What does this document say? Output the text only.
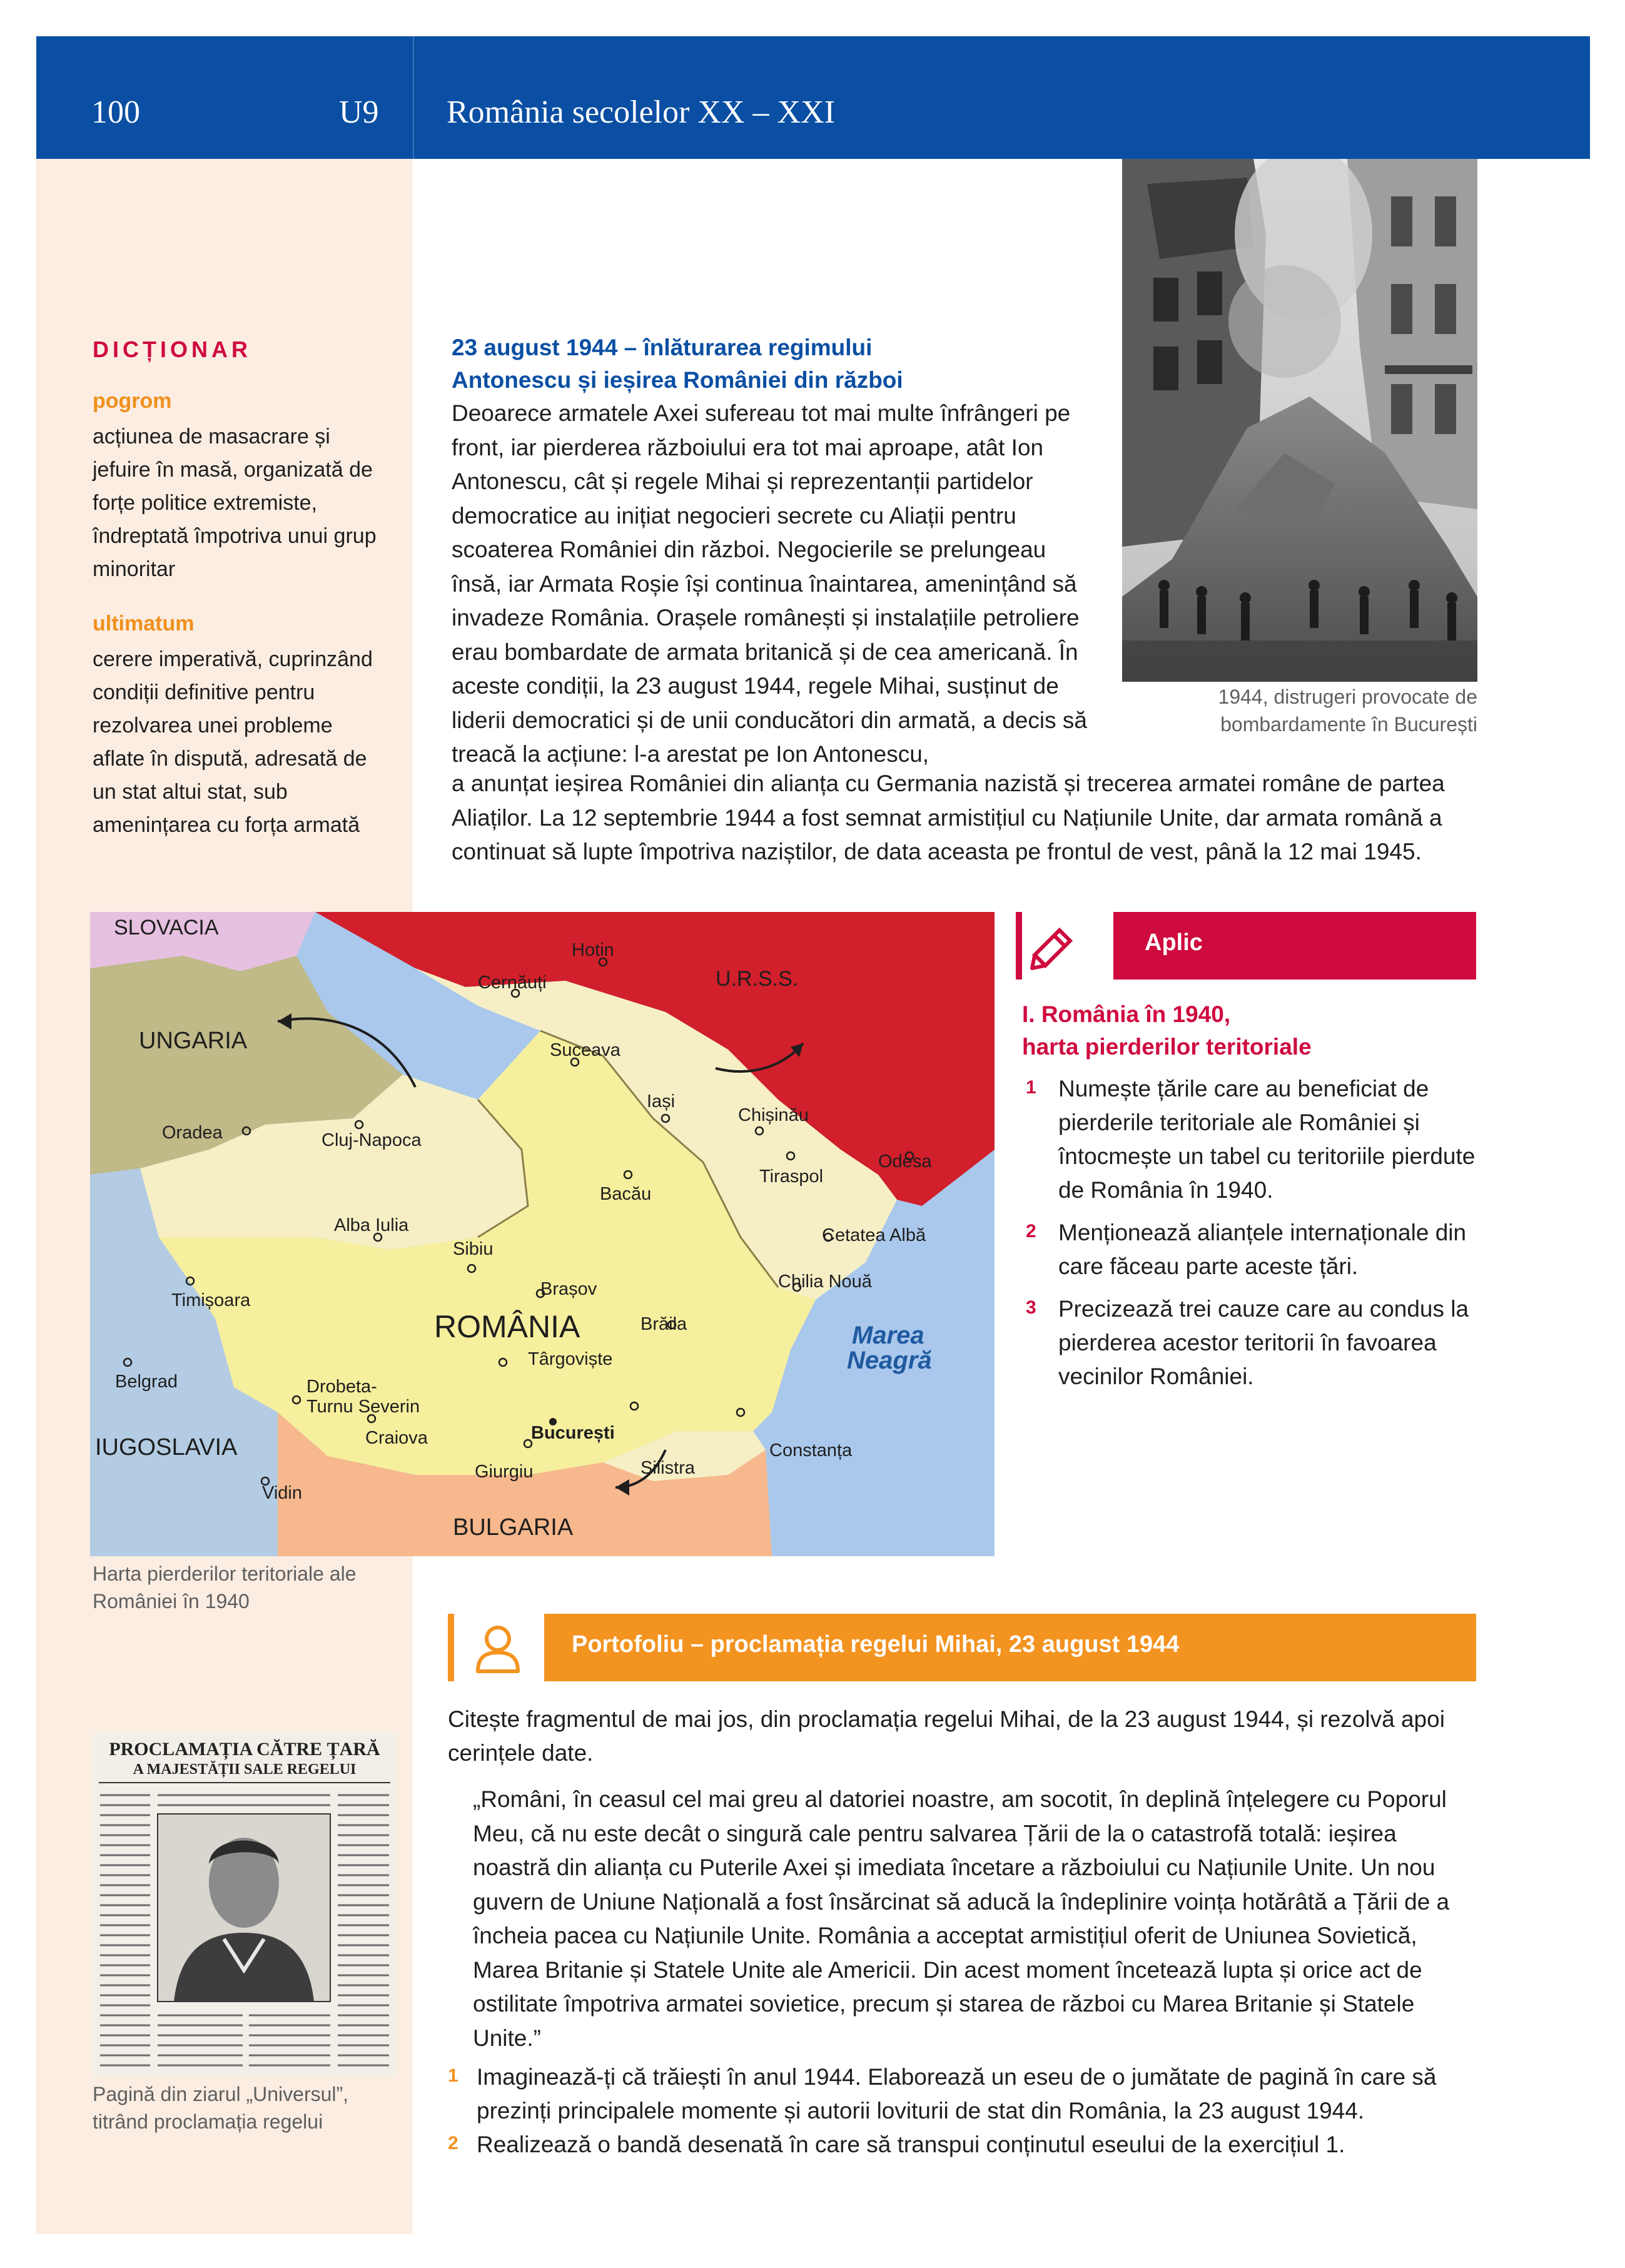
100	U9 România secolelor XX – XXI
DICȚIONAR
pogrom
acțiunea de masacrare și jefuire în masă, organizată de forțe politice extremiste, îndreptată împotriva unui grup minoritar
ultimatum
cerere imperativă, cuprinzând condiții definitive pentru rezolvarea unei probleme aflate în dispută, adresată de un stat altui stat, sub amenințarea cu forța armată
23 august 1944 – înlăturarea regimului
Antonescu și ieșirea României din război
Deoarece armatele Axei sufereau tot mai multe înfrângeri pe front, iar pierderea războiului era tot mai aproape, atât Ion Antonescu, cât și regele Mihai și reprezentanții partidelor democratice au inițiat negocieri secrete cu Aliații pentru scoaterea României din război. Negocierile se prelungeau însă, iar Armata Roșie își continua înaintarea, amenințând să invadeze România. Orașele românești și instalațiile petroliere erau bombardate de armata britanică și de cea americană. În aceste condiții, la 23 august 1944, regele Mihai, susținut de liderii democratici și de unii conducători din armată, a decis să treacă la acțiune: l-a arestat pe Ion Antonescu,
a anunțat ieșirea României din alianța cu Germania nazistă și trecerea armatei române de partea Aliaților. La 12 septembrie 1944 a fost semnat armistițiul cu Națiunile Unite, dar armata română a continuat să lupte împotriva naziștilor, de data aceasta pe frontul de vest, până la 12 mai 1945.
1944, distrugeri provocate de bombardamente în București
SLOVACIA
UNGARIA
U.R.S.S.
ROMÂNIA
IUGOSLAVIA
BULGARIA
Marea
Neagră
Hotin
Cernăuți
Suceava
Iași
Chișinău
Tiraspol
Odesa
Bacău
Oradea	Cluj-Napoca
Alba Iulia
Sibiu
Brașov
Timișoara
Brăila
Cetatea Albă
Chilia Nouă
Târgoviște
Belgrad	Drobeta-
Turnu Severin
Craiova	București
Giurgiu	Silistra
Constanța
Vidin
Harta pierderilor teritoriale ale României în 1940
Aplic
I. România în 1940,
harta pierderilor teritoriale
1 Numește țările care au beneficiat de pierderile teritoriale ale României și întocmește un tabel cu teritoriile pierdute de România în 1940.
2 Menționează alianțele internaționale din care făceau parte aceste țări.
3 Precizează trei cauze care au condus la pierderea acestor teritorii în favoarea vecinilor României.
Portofoliu – proclamația regelui Mihai, 23 august 1944
Citește fragmentul de mai jos, din proclamația regelui Mihai, de la 23 august 1944, și rezolvă apoi cerințele date.
„Români, în ceasul cel mai greu al datoriei noastre, am socotit, în deplină înțelegere cu Poporul Meu, că nu este decât o singură cale pentru salvarea Țării de la o catastrofă totală: ieșirea noastră din alianța cu Puterile Axei și imediata încetare a războiului cu Națiunile Unite. Un nou guvern de Uniune Națională a fost însărcinat să aducă la îndeplinire voința hotărâtă a Țării de a încheia pacea cu Națiunile Unite. România a acceptat armistițiul oferit de Uniunea Sovietică, Marea Britanie și Statele Unite ale Americii. Din acest moment încetează lupta și orice act de ostilitate împotriva armatei sovietice, precum și starea de război cu Marea Britanie și Statele Unite.”
1 Imaginează-ți că trăiești în anul 1944. Elaborează un eseu de o jumătate de pagină în care să prezinți principalele momente și autorii loviturii de stat din România, la 23 august 1944.
2 Realizează o bandă desenată în care să transpui conținutul eseului de la exercițiul 1.
PROCLAMAȚIA CĂTRE ȚARĂ
A MAJESTĂȚII SALE REGELUI
Pagină din ziarul „Universul”, titrând proclamația regelui
